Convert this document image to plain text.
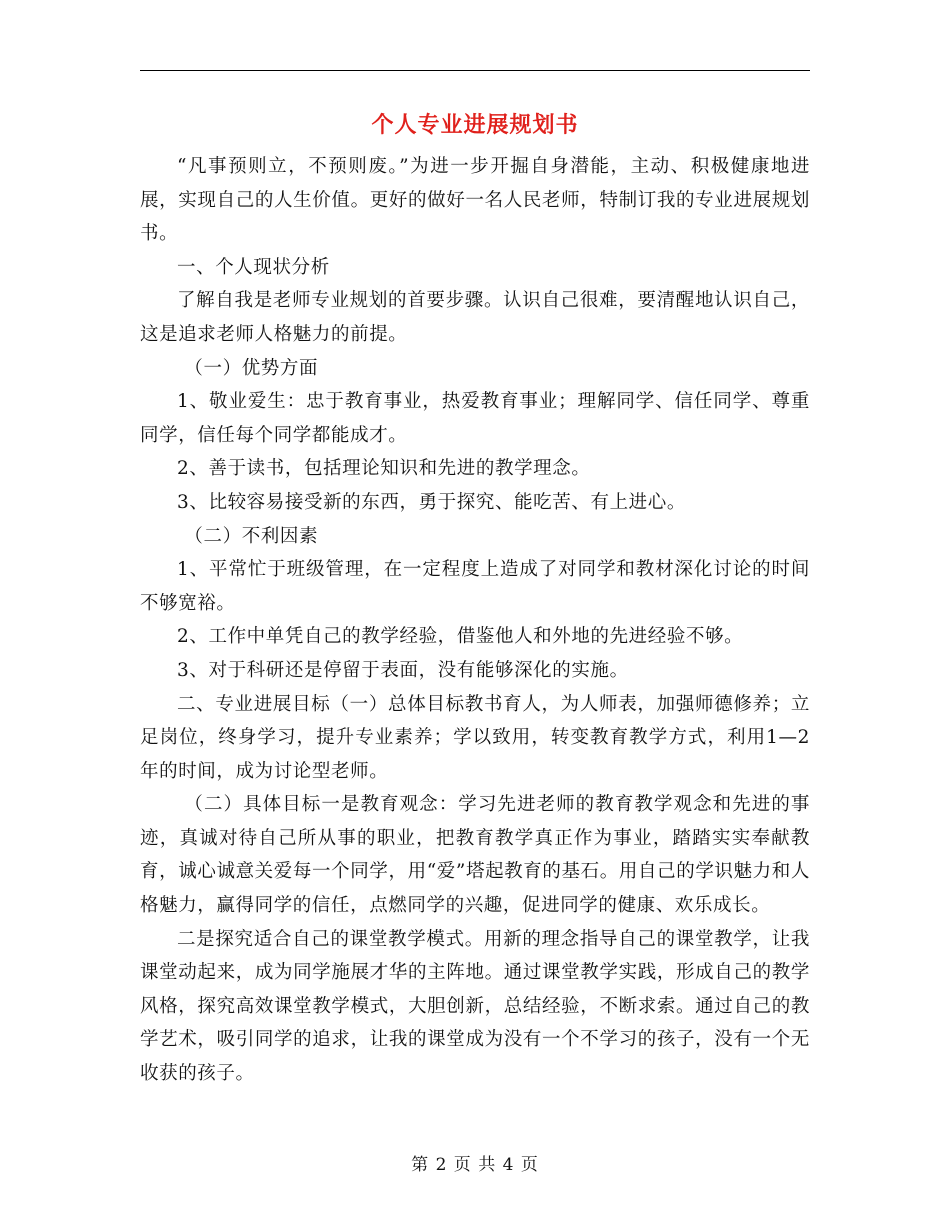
个人专业进展规划书

“凡事预则立，不预则废。”为进一步开掘自身潜能，主动、积极健康地进展，实现自己的人生价值。更好的做好一名人民老师，特制订我的专业进展规划书。

一、个人现状分析

了解自我是老师专业规划的首要步骤。认识自己很难，要清醒地认识自己，这是追求老师人格魅力的前提。

（一）优势方面

1、敬业爱生：忠于教育事业，热爱教育事业；理解同学、信任同学、尊重同学，信任每个同学都能成才。

2、善于读书，包括理论知识和先进的教学理念。

3、比较容易接受新的东西，勇于探究、能吃苦、有上进心。

（二）不利因素

1、平常忙于班级管理，在一定程度上造成了对同学和教材深化讨论的时间不够宽裕。

2、工作中单凭自己的教学经验，借鉴他人和外地的先进经验不够。

3、对于科研还是停留于表面，没有能够深化的实施。

二、专业进展目标（一）总体目标教书育人，为人师表，加强师德修养；立足岗位，终身学习，提升专业素养；学以致用，转变教育教学方式，利用1—2年的时间，成为讨论型老师。

（二）具体目标一是教育观念：学习先进老师的教育教学观念和先进的事迹，真诚对待自己所从事的职业，把教育教学真正作为事业，踏踏实实奉献教育，诚心诚意关爱每一个同学，用“爱”塔起教育的基石。用自己的学识魅力和人格魅力，赢得同学的信任，点燃同学的兴趣，促进同学的健康、欢乐成长。

二是探究适合自己的课堂教学模式。用新的理念指导自己的课堂教学，让我课堂动起来，成为同学施展才华的主阵地。通过课堂教学实践，形成自己的教学风格，探究高效课堂教学模式，大胆创新，总结经验，不断求索。通过自己的教学艺术，吸引同学的追求，让我的课堂成为没有一个不学习的孩子，没有一个无收获的孩子。

第 2 页 共 4 页
